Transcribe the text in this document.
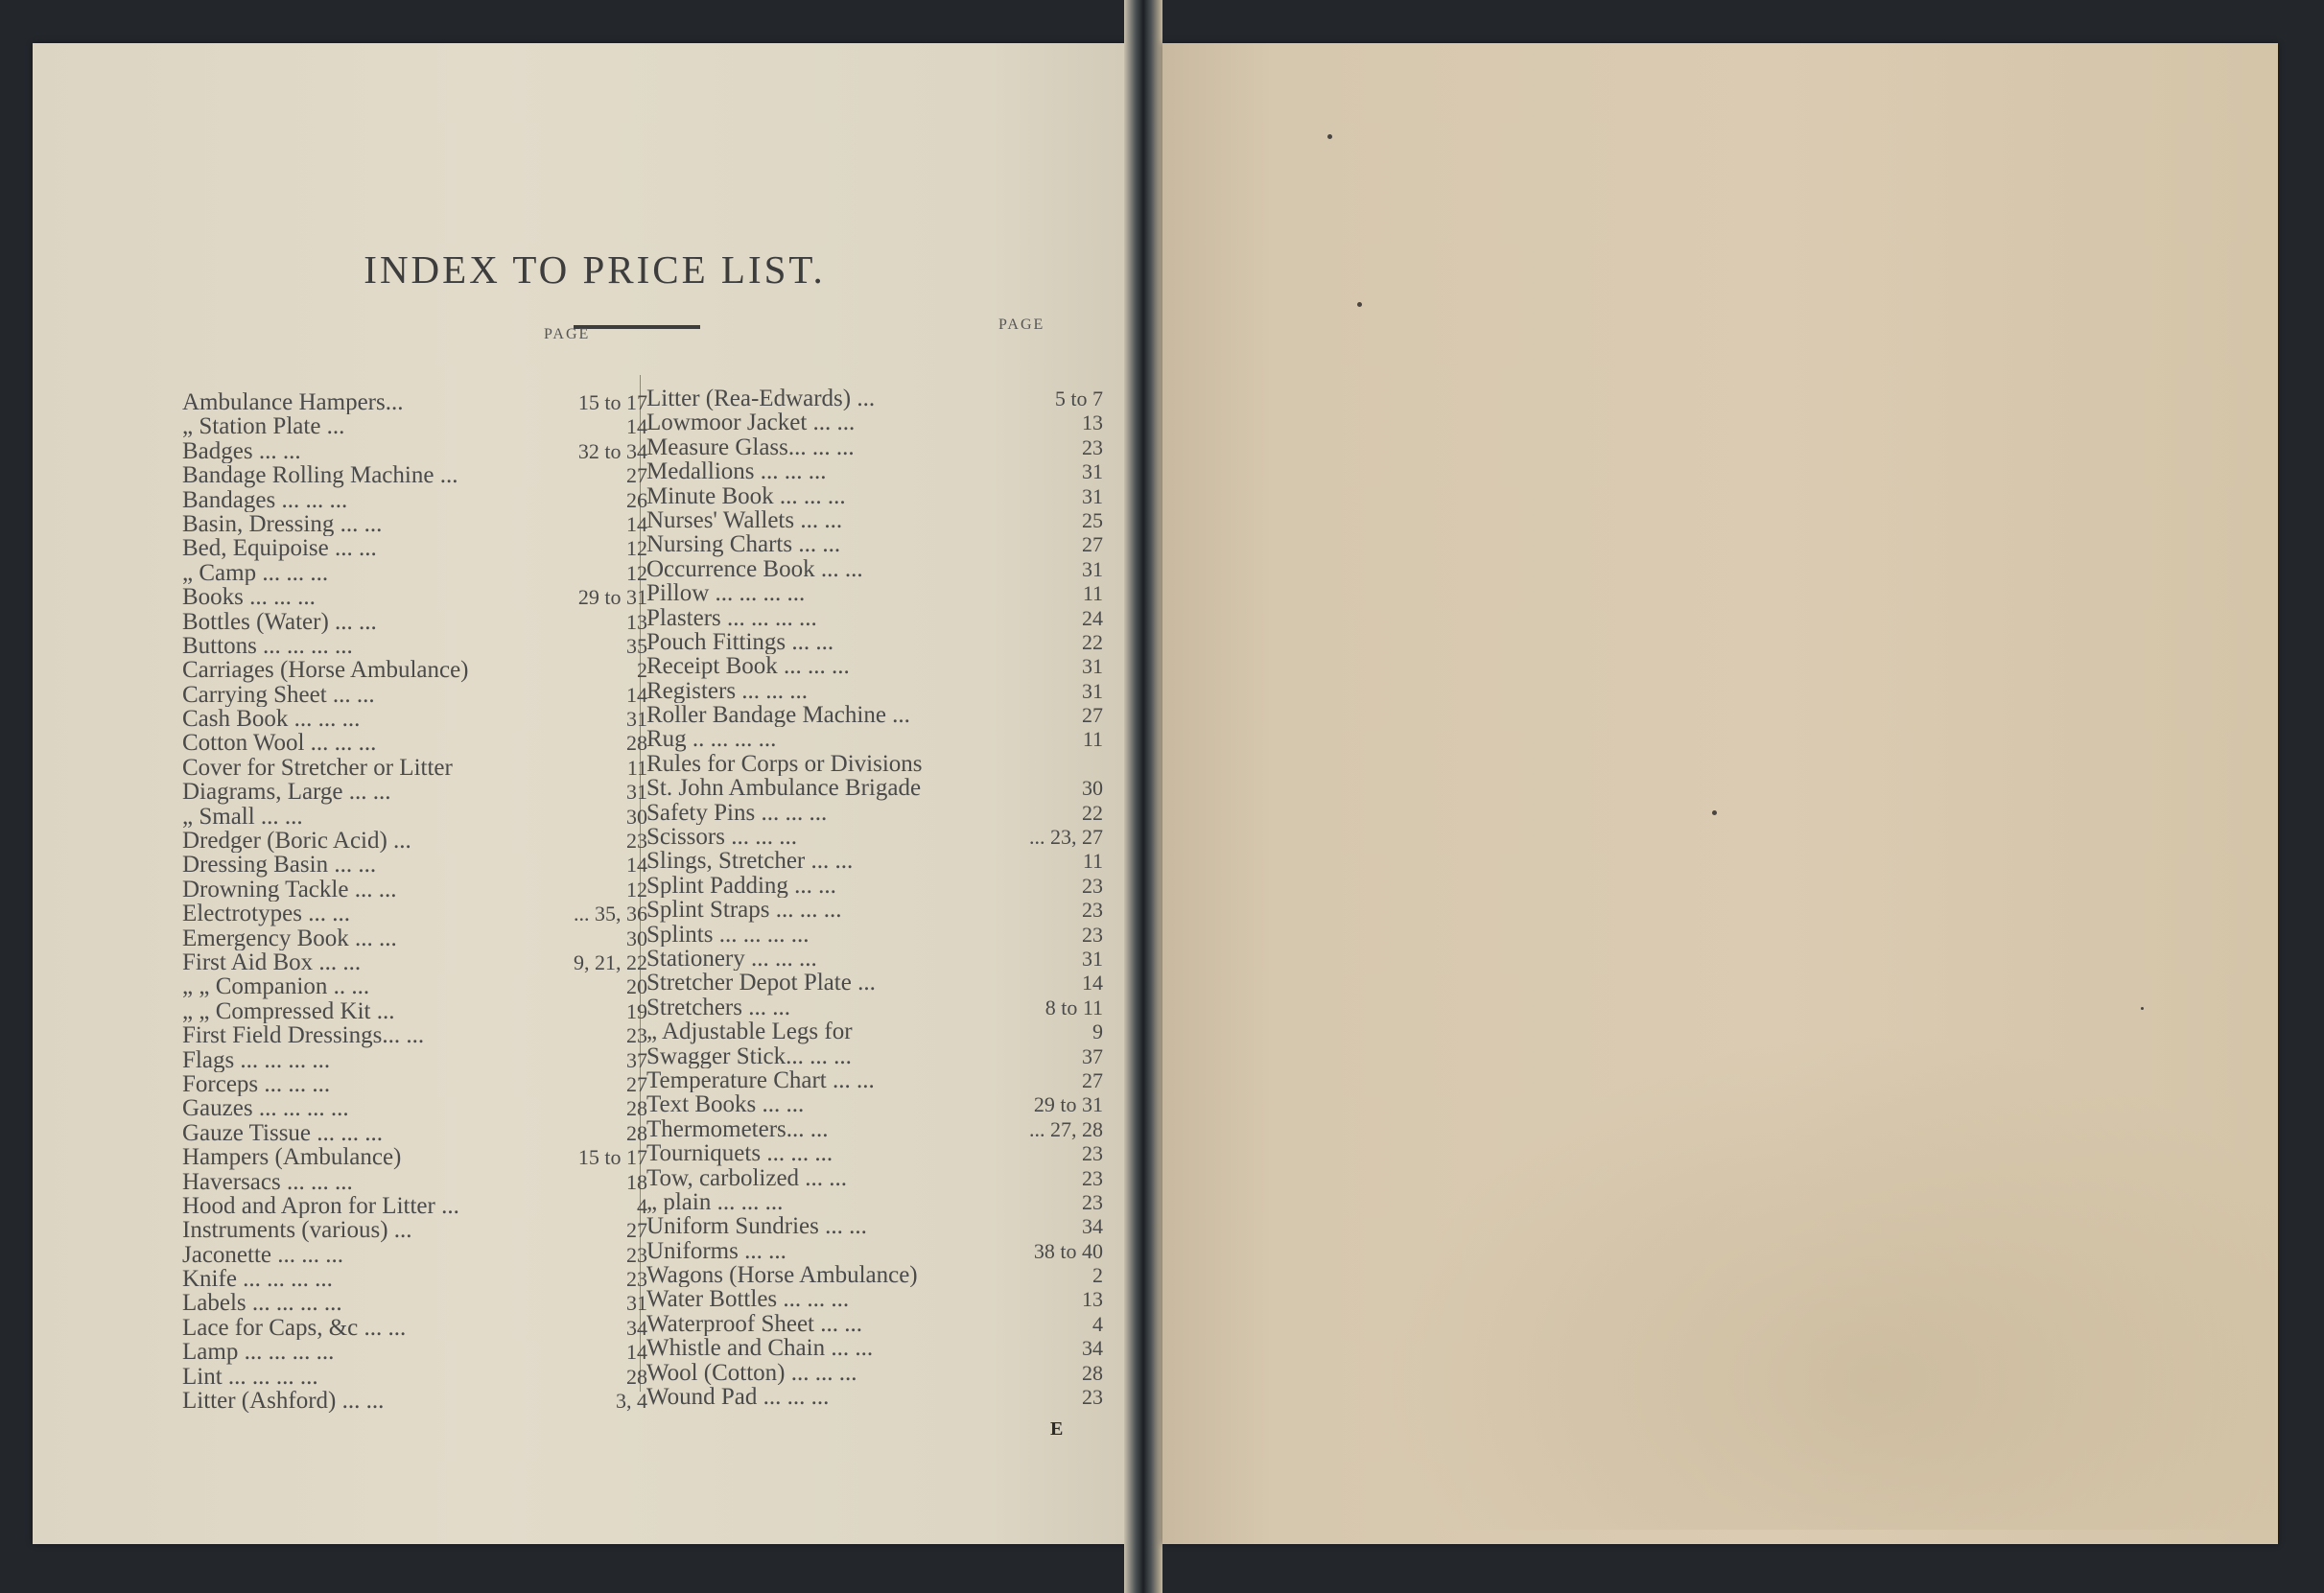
INDEX TO PRICE LIST.
PAGE
PAGE
Ambulance Hampers...	15 to 17
„ Station Plate ...	14
Badges ... ...	32 to 34
Bandage Rolling Machine ...	27
Bandages ... ... ...	26
Basin, Dressing ... ...	14
Bed, Equipoise ... ...	12
„ Camp ... ... ...	12
Books ... ... ...	29 to 31
Bottles (Water) ... ...	13
Buttons ... ... ... ...	35
Carriages (Horse Ambulance)	2
Carrying Sheet ... ...	14
Cash Book ... ... ...	31
Cotton Wool ... ... ...	28
Cover for Stretcher or Litter	11
Diagrams, Large ... ...	31
„ Small ... ...	30
Dredger (Boric Acid) ...	23
Dressing Basin ... ...	14
Drowning Tackle ... ...	12
Electrotypes ... ...	... 35, 36
Emergency Book ... ...	30
First Aid Box ... ...	9, 21, 22
„ „ Companion .. ...	20
„ „ Compressed Kit ...	19
First Field Dressings... ...	23
Flags ... ... ... ...	37
Forceps ... ... ...	27
Gauzes ... ... ... ...	28
Gauze Tissue ... ... ...	28
Hampers (Ambulance)	15 to 17
Haversacs ... ... ...	18
Hood and Apron for Litter ...	4
Instruments (various) ...	27
Jaconette ... ... ...	23
Knife ... ... ... ...	23
Labels ... ... ... ...	31
Lace for Caps, &c ... ...	34
Lamp ... ... ... ...	14
Lint ... ... ... ...	28
Litter (Ashford) ... ...	3, 4
Litter (Rea-Edwards) ...	5 to 7
Lowmoor Jacket ... ...	13
Measure Glass... ... ...	23
Medallions ... ... ...	31
Minute Book ... ... ...	31
Nurses' Wallets ... ...	25
Nursing Charts ... ...	27
Occurrence Book ... ...	31
Pillow ... ... ... ...	11
Plasters ... ... ... ...	24
Pouch Fittings ... ...	22
Receipt Book ... ... ...	31
Registers ... ... ...	31
Roller Bandage Machine ...	27
Rug .. ... ... ...	11
Rules for Corps or Divisions
St. John Ambulance Brigade	30
Safety Pins ... ... ...	22
Scissors ... ... ...	... 23, 27
Slings, Stretcher ... ...	11
Splint Padding ... ...	23
Splint Straps ... ... ...	23
Splints ... ... ... ...	23
Stationery ... ... ...	31
Stretcher Depot Plate ...	14
Stretchers ... ...	8 to 11
„ Adjustable Legs for	9
Swagger Stick... ... ...	37
Temperature Chart ... ...	27
Text Books ... ...	29 to 31
Thermometers... ...	... 27, 28
Tourniquets ... ... ...	23
Tow, carbolized ... ...	23
„ plain ... ... ...	23
Uniform Sundries ... ...	34
Uniforms ... ...	38 to 40
Wagons (Horse Ambulance)	2
Water Bottles ... ... ...	13
Waterproof Sheet ... ...	4
Whistle and Chain ... ...	34
Wool (Cotton) ... ... ...	28
Wound Pad ... ... ...	23
E
